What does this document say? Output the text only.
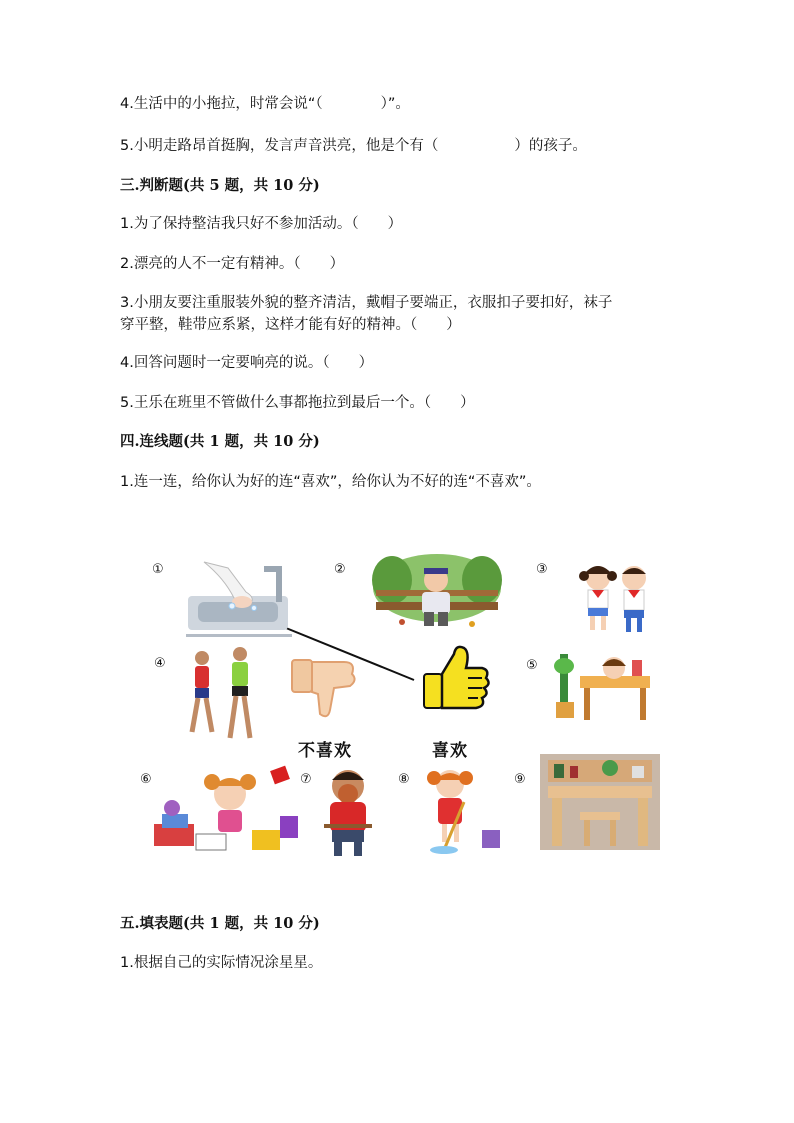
4.生活中的小拖拉，时常会说“（	）”。
5.小明走路昂首挺胸，发言声音洪亮，他是个有（	）的孩子。
三.判断题(共 5 题，共 10 分)
1.为了保持整洁我只好不参加活动。（　　）
2.漂亮的人不一定有精神。（　　）
3.小朋友要注重服装外貌的整齐清洁，戴帽子要端正，衣服扣子要扣好，袜子
穿平整，鞋带应系紧，这样才能有好的精神。（　　）
4.回答问题时一定要响亮的说。（　　）
5.王乐在班里不管做什么事都拖拉到最后一个。（　　）
四.连线题(共 1 题，共 10 分)
1.连一连，给你认为好的连“喜欢”，给你认为不好的连“不喜欢”。
①	②	③
④
不喜欢	喜欢
⑤
⑥	⑦	⑧	⑨
五.填表题(共 1 题，共 10 分)
1.根据自己的实际情况涂星星。
